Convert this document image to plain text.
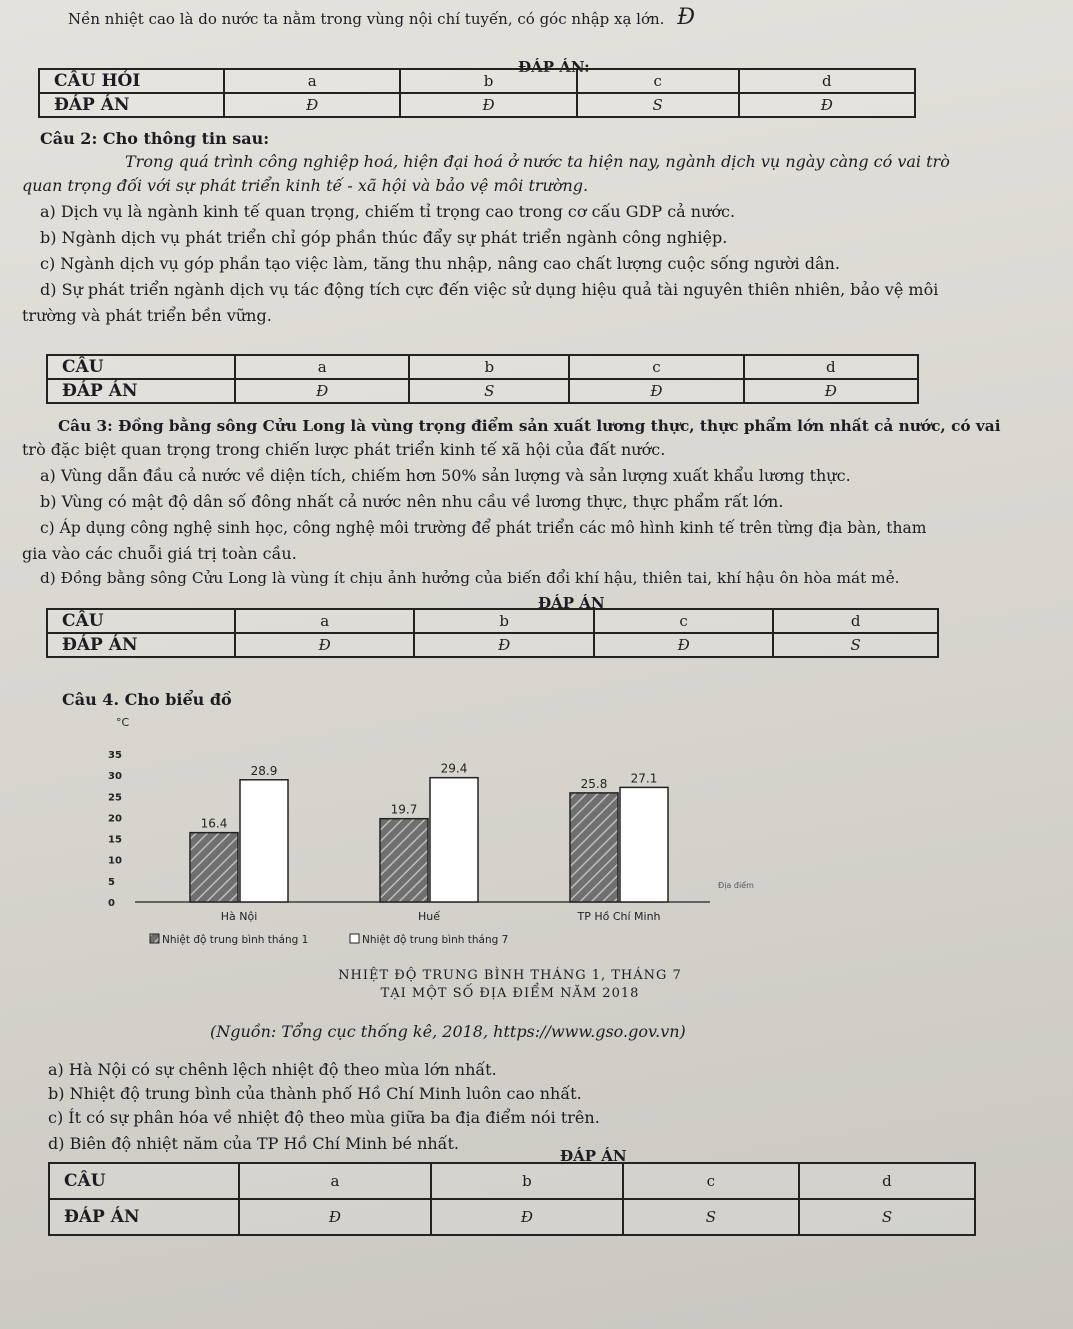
Nền nhiệt cao là do nước ta nằm trong vùng nội chí tuyến, có góc nhập xạ lớn. Đ
ĐÁP ÁN:
CÂU HỎI	a	b	c	d
ĐÁP ÁN	Đ	Đ	S	Đ
Câu 2: Cho thông tin sau:
Trong quá trình công nghiệp hoá, hiện đại hoá ở nước ta hiện nay, ngành dịch vụ ngày càng có vai trò
quan trọng đối với sự phát triển kinh tế - xã hội và bảo vệ môi trường.
a) Dịch vụ là ngành kinh tế quan trọng, chiếm tỉ trọng cao trong cơ cấu GDP cả nước.
b) Ngành dịch vụ phát triển chỉ góp phần thúc đẩy sự phát triển ngành công nghiệp.
c) Ngành dịch vụ góp phần tạo việc làm, tăng thu nhập, nâng cao chất lượng cuộc sống người dân.
d) Sự phát triển ngành dịch vụ tác động tích cực đến việc sử dụng hiệu quả tài nguyên thiên nhiên, bảo vệ môi
trường và phát triển bền vững.
CÂU	a	b	c	d
ĐÁP ÁN	Đ	S	Đ	Đ
Câu 3: Đồng bằng sông Cửu Long là vùng trọng điểm sản xuất lương thực, thực phẩm lớn nhất cả nước, có vai
trò đặc biệt quan trọng trong chiến lược phát triển kinh tế xã hội của đất nước.
a) Vùng dẫn đầu cả nước về diện tích, chiếm hơn 50% sản lượng và sản lượng xuất khẩu lương thực.
b) Vùng có mật độ dân số đông nhất cả nước nên nhu cầu về lương thực, thực phẩm rất lớn.
c) Áp dụng công nghệ sinh học, công nghệ môi trường để phát triển các mô hình kinh tế trên từng địa bàn, tham
gia vào các chuỗi giá trị toàn cầu.
d) Đồng bằng sông Cửu Long là vùng ít chịu ảnh hưởng của biến đổi khí hậu, thiên tai, khí hậu ôn hòa mát mẻ.
ĐÁP ÁN
CÂU	a	b	c	d
ĐÁP ÁN	Đ	Đ	Đ	S
Câu 4. Cho biểu đồ
°C
0
5
10
15
20
25
30
35
Địa điểm
16.4
28.9
Hà Nội
19.7
29.4
Huế
25.8 27.1
TP Hồ Chí Minh
Nhiệt độ trung bình tháng 1	Nhiệt độ trung bình tháng 7
NHIỆT ĐỘ TRUNG BÌNH THÁNG 1, THÁNG 7
TẠI MỘT SỐ ĐỊA ĐIỂM NĂM 2018
(Nguồn: Tổng cục thống kê, 2018, https://www.gso.gov.vn)
a) Hà Nội có sự chênh lệch nhiệt độ theo mùa lớn nhất.
b) Nhiệt độ trung bình của thành phố Hồ Chí Minh luôn cao nhất.
c) Ít có sự phân hóa về nhiệt độ theo mùa giữa ba địa điểm nói trên.
d) Biên độ nhiệt năm của TP Hồ Chí Minh bé nhất.
ĐÁP ÁN
CÂU	a	b	c	d
ĐÁP ÁN	Đ	Đ	S	S
